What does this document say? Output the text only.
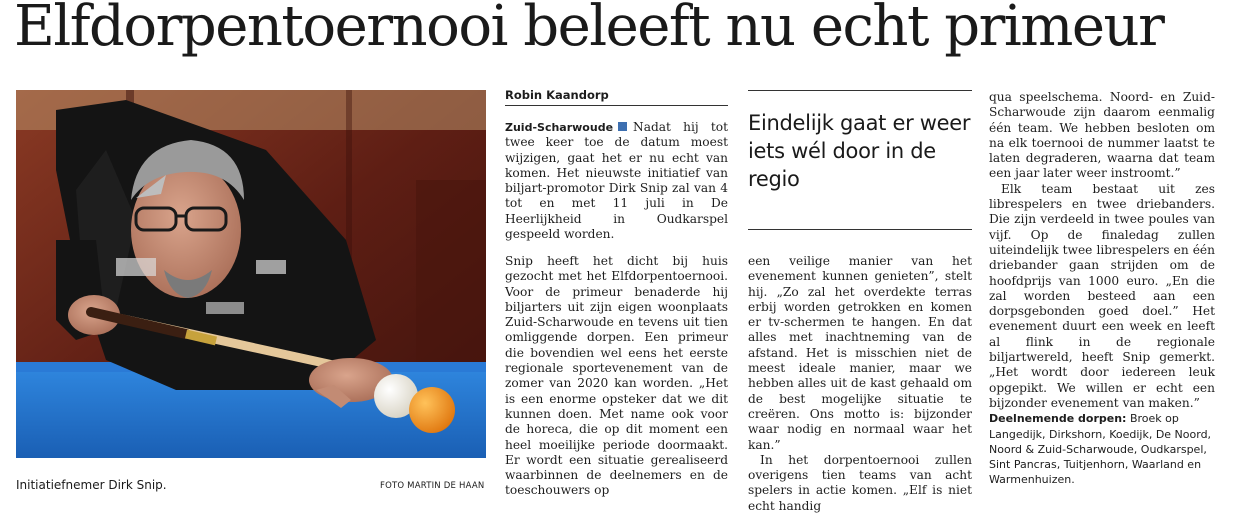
Elfdorpentoernooi beleeft nu echt primeur
Initiatiefnemer Dirk Snip.	FOTO MARTIN DE HAAN
Robin Kaandorp

Zuid-Scharwoude Nadat hij tot twee keer toe de datum moest wijzigen, gaat het er nu echt van komen. Het nieuwste initiatief van biljart-promotor Dirk Snip zal van 4 tot en met 11 juli in De Heerlijkheid in Oudkarspel gespeeld worden.

Snip heeft het dicht bij huis gezocht met het Elfdorpentoernooi. Voor de primeur benaderde hij biljarters uit zijn eigen woonplaats Zuid-Scharwoude en tevens uit tien omliggende dorpen. Een primeur die bovendien wel eens het eerste regionale sportevenement van de zomer van 2020 kan worden. „Het is een enorme opsteker dat we dit kunnen doen. Met name ook voor de horeca, die op dit moment een heel moeilijke periode doormaakt. Er wordt een situatie gerealiseerd waarbinnen de deelnemers en de toeschouwers op

Eindelijk gaat er weer iets wél door in de regio

een veilige manier van het evenement kunnen genieten”, stelt hij. „Zo zal het overdekte terras erbij worden getrokken en komen er tv-schermen te hangen. En dat alles met inachtneming van de afstand. Het is misschien niet de meest ideale manier, maar we hebben alles uit de kast gehaald om de best mogelijke situatie te creëren. Ons motto is: bijzonder waar nodig en normaal waar het kan.”

In het dorpentoernooi zullen overigens tien teams van acht spelers in actie komen. „Elf is niet echt handig

qua speelschema. Noord- en Zuid-Scharwoude zijn daarom eenmalig één team. We hebben besloten om na elk toernooi de nummer laatst te laten degraderen, waarna dat team een jaar later weer instroomt.”

Elk team bestaat uit zes librespelers en twee driebanders. Die zijn verdeeld in twee poules van vijf. Op de finaledag zullen uiteindelijk twee librespelers en één driebander gaan strijden om de hoofdprijs van 1000 euro. „En die zal worden besteed aan een dorpsgebonden goed doel.” Het evenement duurt een week en leeft al flink in de regionale biljartwereld, heeft Snip gemerkt. „Het wordt door iedereen leuk opgepikt. We willen er echt een bijzonder evenement van maken.”

Deelnemende dorpen: Broek op Langedijk, Dirkshorn, Koedijk, De Noord, Noord & Zuid-Scharwoude, Oudkarspel, Sint Pancras, Tuitjenhorn, Waarland en Warmenhuizen.
